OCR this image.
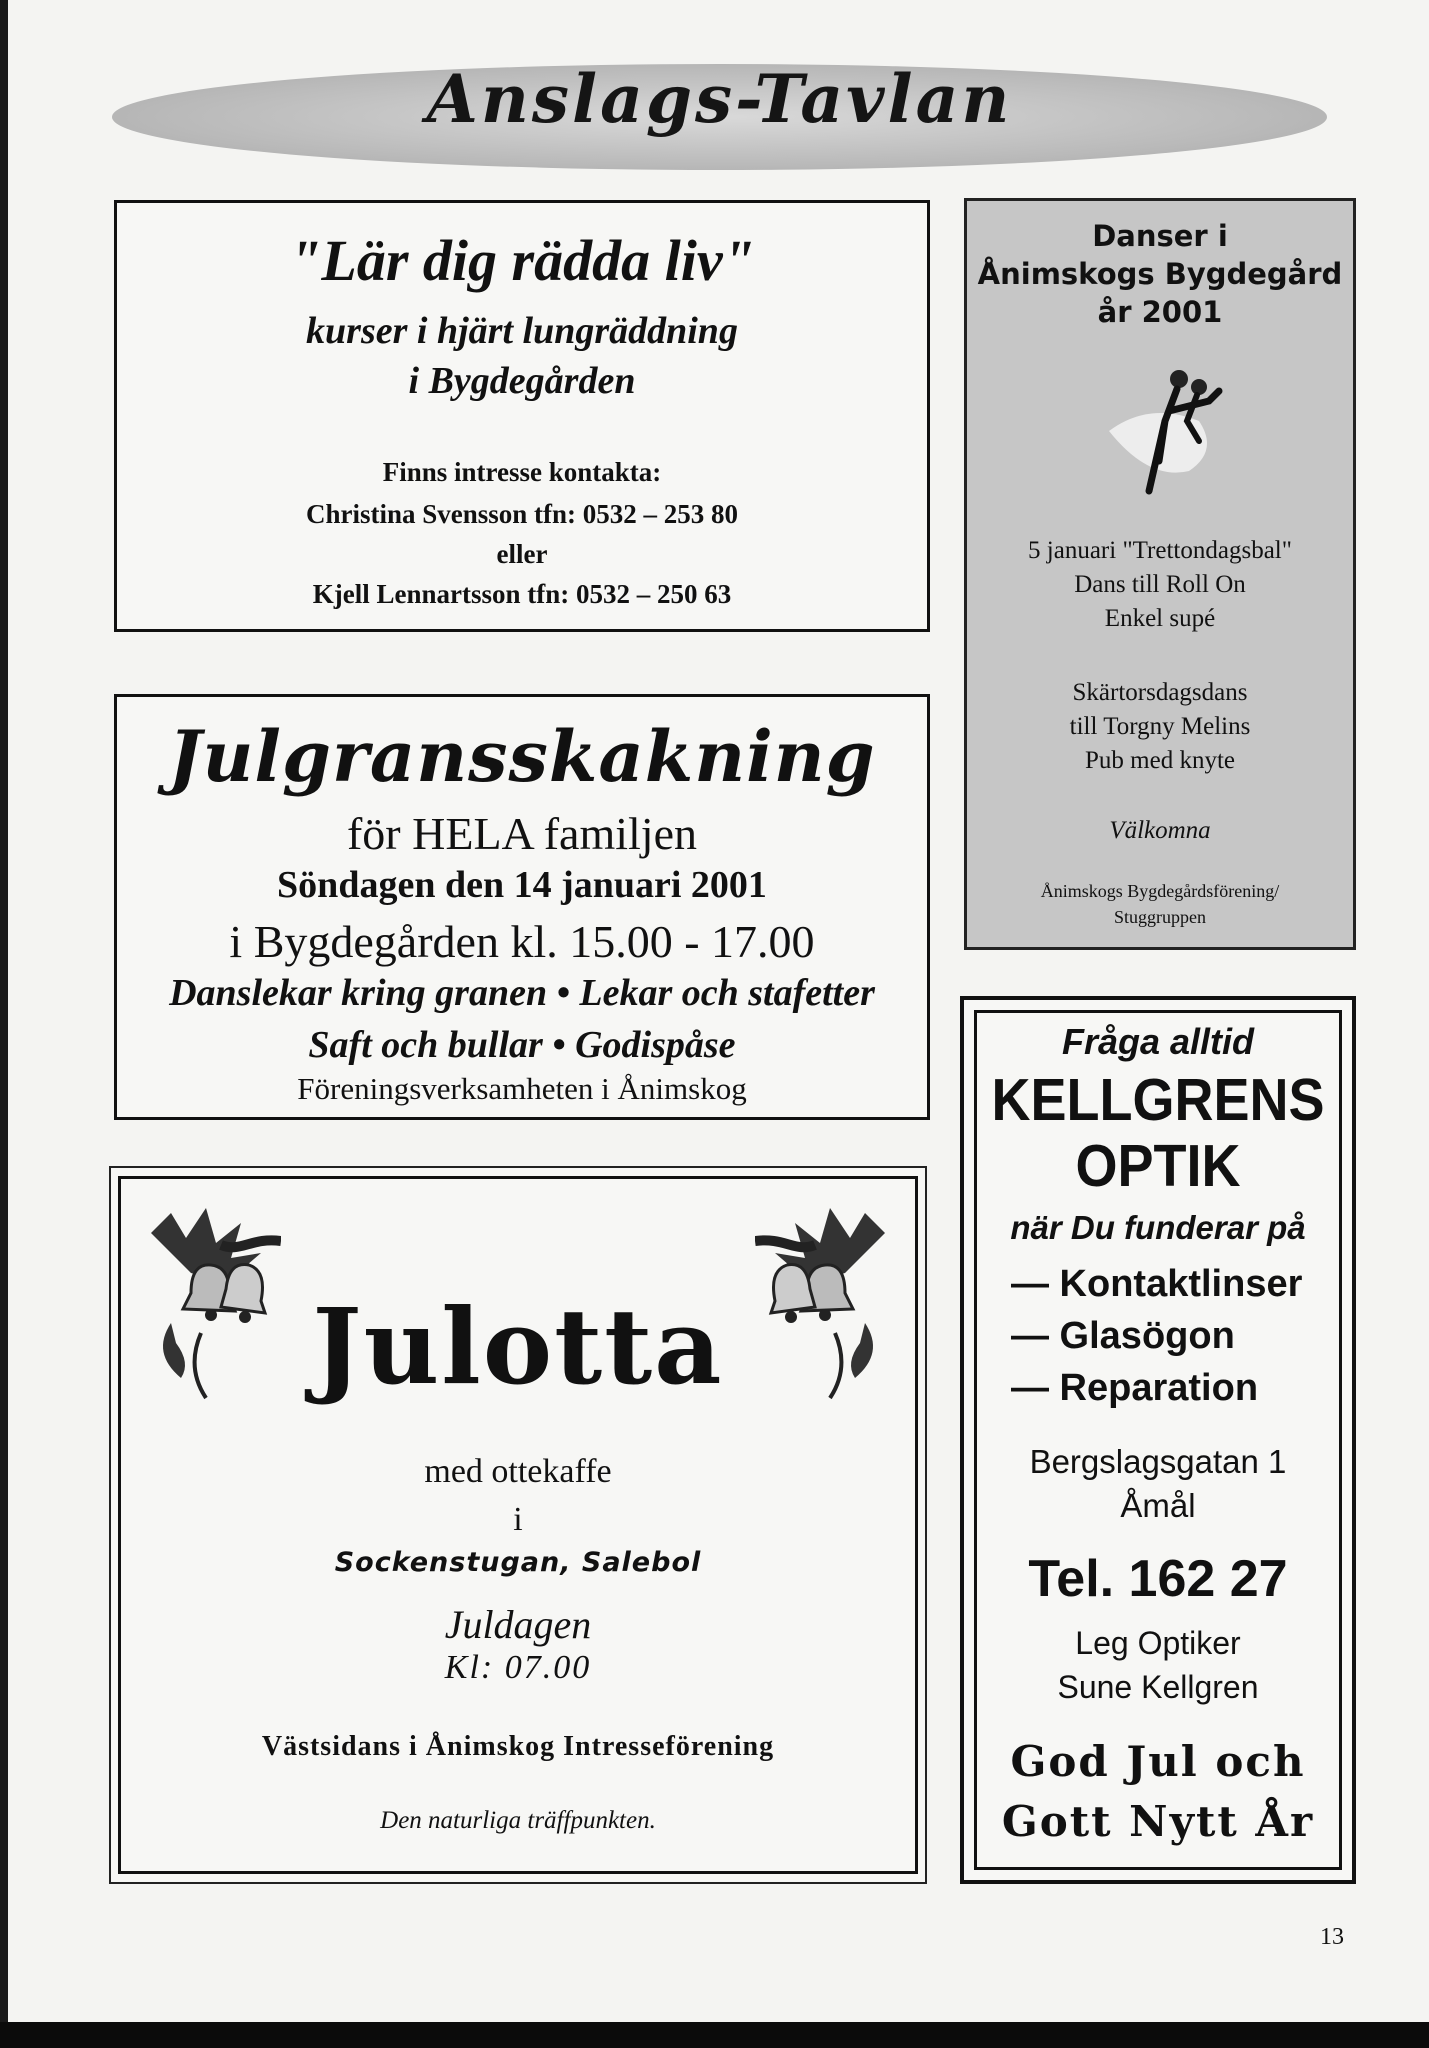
Anslags-Tavlan
"Lär dig rädda liv"
kurser i hjärt lungräddning
i Bygdegården
Finns intresse kontakta:
Christina Svensson tfn: 0532 – 253 80
eller
Kjell Lennartsson tfn: 0532 – 250 63
Julgransskakning
för HELA familjen
Söndagen den 14 januari 2001
i Bygdegården kl. 15.00 - 17.00
Danslekar kring granen • Lekar och stafetter
Saft och bullar • Godispåse
Föreningsverksamheten i Ånimskog
Julotta
med ottekaffe
i
Sockenstugan, Salebol
Juldagen
Kl: 07.00
Västsidans i Ånimskog Intresseförening
Den naturliga träffpunkten.
Danser i
Ånimskogs Bygdegård
år 2001
5 januari "Trettondagsbal"
Dans till Roll On
Enkel supé
Skärtorsdagsdans
till Torgny Melins
Pub med knyte
Välkomna
Ånimskogs Bygdegårdsförening/
Stuggruppen
Fråga alltid
KELLGRENS
OPTIK
när Du funderar på
— Kontaktlinser
— Glasögon
— Reparation
Bergslagsgatan 1
Åmål
Tel. 162 27
Leg Optiker
Sune Kellgren
God Jul och
Gott Nytt År
13
